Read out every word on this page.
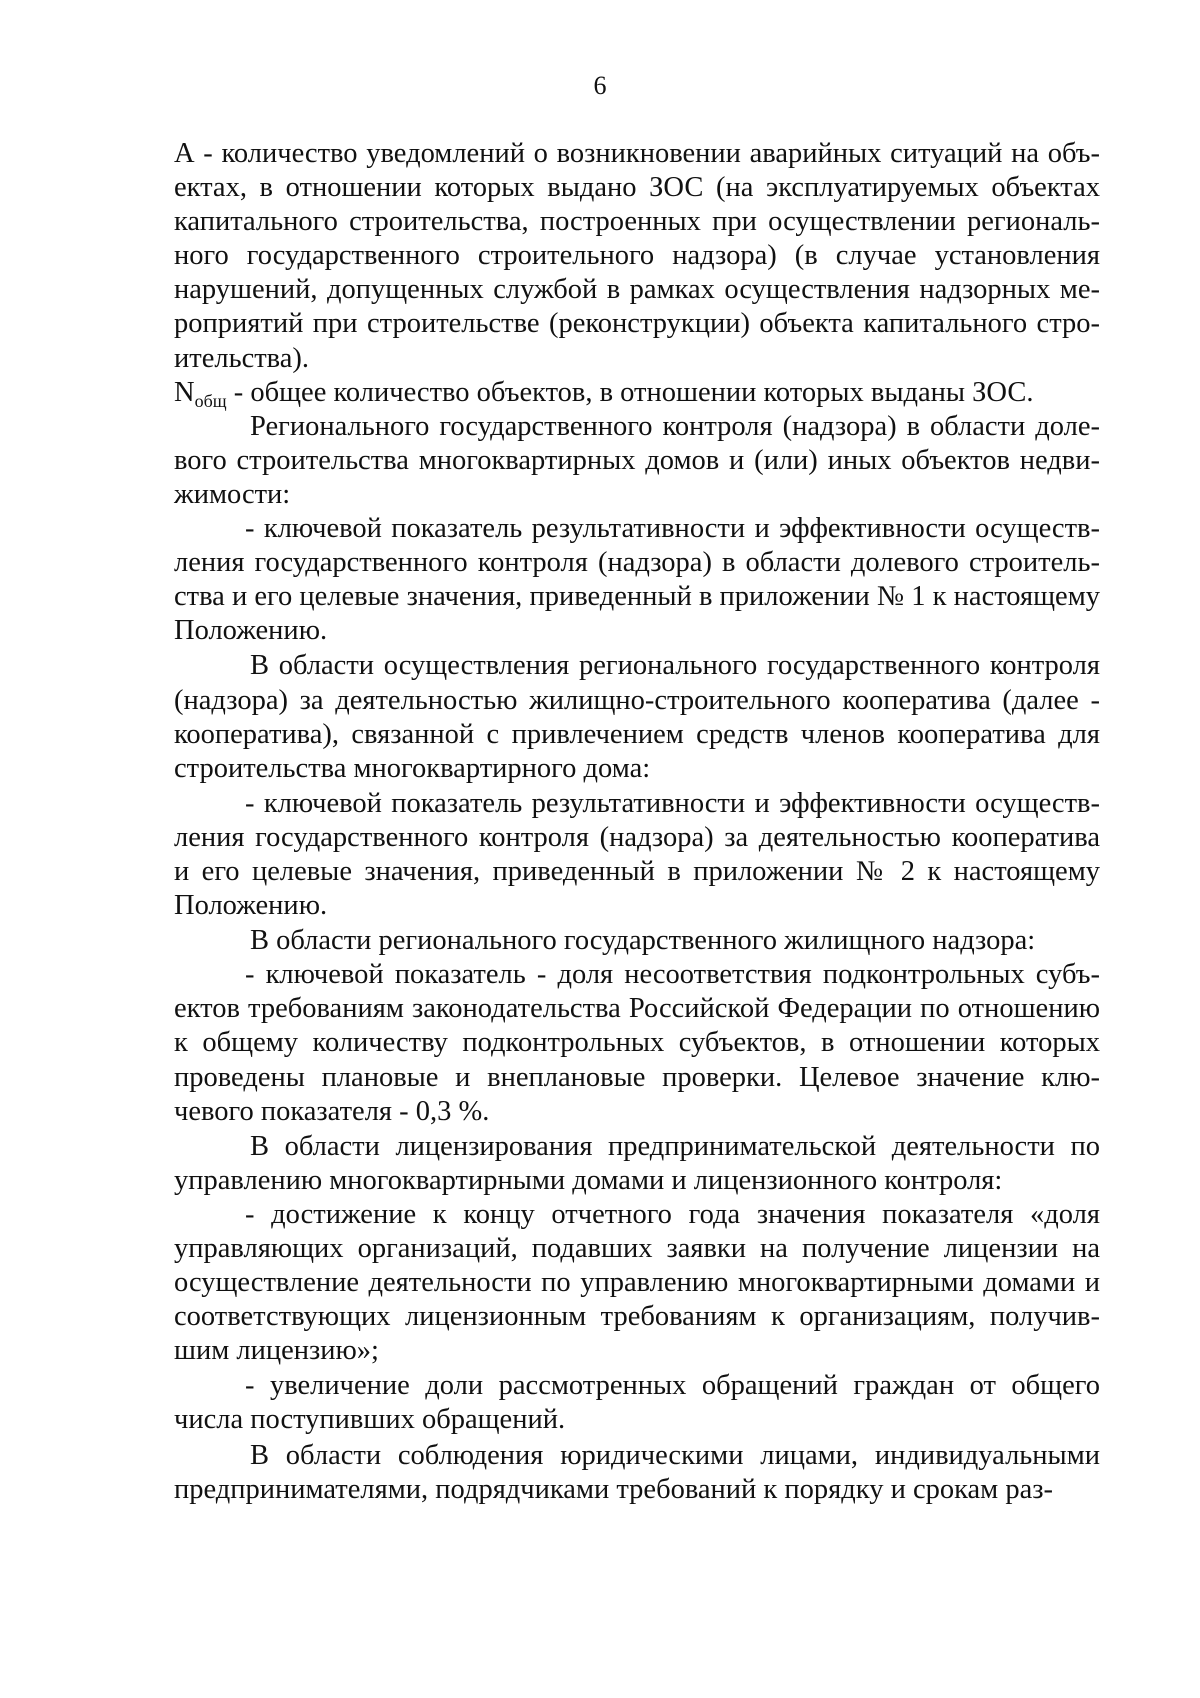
6

А - количество уведомлений о возникновении аварийных ситуаций на объектах, в отношении которых выдано ЗОС (на эксплуатируемых объектах капитального строительства, построенных при осуществлении регионального государственного строительного надзора) (в случае установления нарушений, допущенных службой в рамках осуществления надзорных мероприятий при строительстве (реконструкции) объекта капитального строительства).

$N_{общ}$ - общее количество объектов, в отношении которых выданы ЗОС.

Регионального государственного контроля (надзора) в области долевого строительства многоквартирных домов и (или) иных объектов недвижимости:

- ключевой показатель результативности и эффективности осуществления государственного контроля (надзора) в области долевого строительства и его целевые значения, приведенный в приложении № 1 к настоящему Положению.

В области осуществления регионального государственного контроля (надзора) за деятельностью жилищно-строительного кооператива (далее - кооператива), связанной с привлечением средств членов кооператива для строительства многоквартирного дома:

- ключевой показатель результативности и эффективности осуществления государственного контроля (надзора) за деятельностью кооператива и его целевые значения, приведенный в приложении № 2 к настоящему Положению.

В области регионального государственного жилищного надзора:

- ключевой показатель - доля несоответствия подконтрольных субъектов требованиям законодательства Российской Федерации по отношению к общему количеству подконтрольных субъектов, в отношении которых проведены плановые и внеплановые проверки. Целевое значение ключевого показателя - 0,3 %.

В области лицензирования предпринимательской деятельности по управлению многоквартирными домами и лицензионного контроля:

- достижение к концу отчетного года значения показателя «доля управляющих организаций, подавших заявки на получение лицензии на осуществление деятельности по управлению многоквартирными домами и соответствующих лицензионным требованиям к организациям, получившим лицензию»;

- увеличение доли рассмотренных обращений граждан от общего числа поступивших обращений.

В области соблюдения юридическими лицами, индивидуальными предпринимателями, подрядчиками требований к порядку и срокам раз-
